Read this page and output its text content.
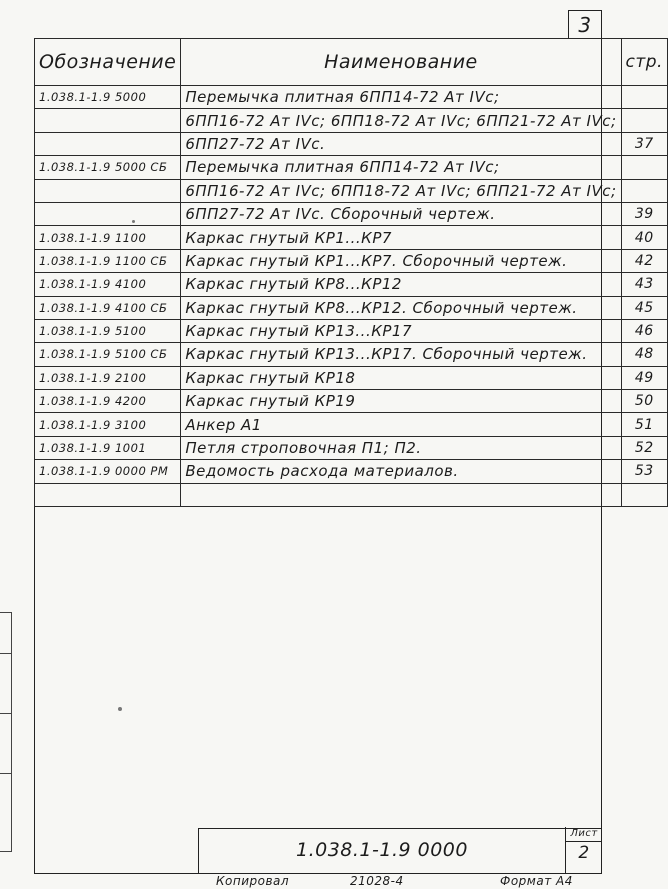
3
Обозначение	Наименование	стр.
1.038.1-1.9 5000	Перемычка плитная 6ПП14-72 Ат IVс;	
	6ПП16-72 Ат IVс; 6ПП18-72 Ат IVс; 6ПП21-72 Ат IVс;	
	6ПП27-72 Ат IVс.	37
1.038.1-1.9 5000 СБ	Перемычка плитная 6ПП14-72 Ат IVс;	
	6ПП16-72 Ат IVс; 6ПП18-72 Ат IVс; 6ПП21-72 Ат IVс;	
	6ПП27-72 Ат IVс. Сборочный чертеж.	39
1.038.1-1.9 1100	Каркас гнутый КР1...КР7	40
1.038.1-1.9 1100 СБ	Каркас гнутый КР1...КР7. Сборочный чертеж.	42
1.038.1-1.9 4100	Каркас гнутый КР8...КР12	43
1.038.1-1.9 4100 СБ	Каркас гнутый КР8...КР12. Сборочный чертеж.	45
1.038.1-1.9 5100	Каркас гнутый КР13...КР17	46
1.038.1-1.9 5100 СБ	Каркас гнутый КР13...КР17. Сборочный чертеж.	48
1.038.1-1.9 2100	Каркас гнутый КР18	49
1.038.1-1.9 4200	Каркас гнутый КР19	50
1.038.1-1.9 3100	Анкер А1	51
1.038.1-1.9 1001	Петля строповочная П1; П2.	52
1.038.1-1.9 0000 РМ	Ведомость расхода материалов.	53

1.038.1-1.9 0000
Лист
2
Копировал	21028-4	Формат А4
